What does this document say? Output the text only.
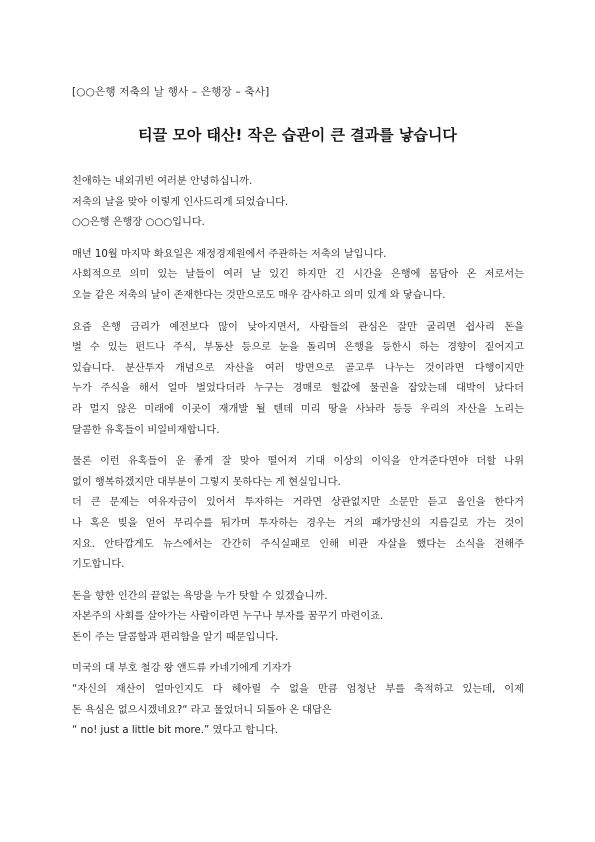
[○○은행 저축의 날 행사 – 은행장 – 축사]
티끌 모아 태산! 작은 습관이 큰 결과를 낳습니다
친애하는 내외귀빈 여러분 안녕하십니까.
저축의 날을 맞아 이렇게 인사드리게 되었습니다.
○○은행 은행장 ○○○입니다.
매년 10월 마지막 화요일은 재정경제원에서 주관하는 저축의 날입니다.
사회적으로 의미 있는 날들이 여러 날 있긴 하지만 긴 시간을 은행에 몸담아 온 저로서는
오늘 같은 저축의 날이 존재한다는 것만으로도 매우 감사하고 의미 있게 와 닿습니다.
요즘 은행 금리가 예전보다 많이 낮아지면서, 사람들의 관심은 잘만 굴리면 쉽사리 돈을
벌 수 있는 펀드나 주식, 부동산 등으로 눈을 돌리며 은행을 등한시 하는 경향이 짙어지고
있습니다. 분산투자 개념으로 자산을 여러 방면으로 골고루 나누는 것이라면 다행이지만
누가 주식을 해서 얼마 벌었다더라 누구는 경매로 헐값에 물권을 잡았는데 대박이 났다더
라 멀지 않은 미래에 이곳이 재개발 될 텐데 미리 땅을 사놔라 등등 우리의 자산을 노리는
달콤한 유혹들이 비일비재합니다.
물론 이런 유혹들이 운 좋게 잘 맞아 떨어져 기대 이상의 이익을 안겨준다면야 더할 나위
없이 행복하겠지만 대부분이 그렇지 못하다는 게 현실입니다.
더 큰 문제는 여유자금이 있어서 투자하는 거라면 상관없지만 소문만 듣고 올인을 한다거
나 혹은 빚을 얻어 무리수를 둬가며 투자하는 경우는 거의 패가망신의 지름길로 가는 것이
지요. 안타깝게도 뉴스에서는 간간히 주식실패로 인해 비관 자살을 했다는 소식을 전해주
기도합니다.
돈을 향한 인간의 끝없는 욕망을 누가 탓할 수 있겠습니까.
자본주의 사회를 살아가는 사람이라면 누구나 부자를 꿈꾸기 마련이죠.
돈이 주는 달콤함과 편리함을 알기 때문입니다.
미국의 대 부호 철강 왕 앤드류 카네기에게 기자가
“자신의 재산이 얼마인지도 다 헤아릴 수 없을 만큼 엄청난 부를 축적하고 있는데, 이제
돈 욕심은 없으시겠네요?“ 라고 물었더니 되돌아 온 대답은
“ no! just a little bit more.” 였다고 합니다.
